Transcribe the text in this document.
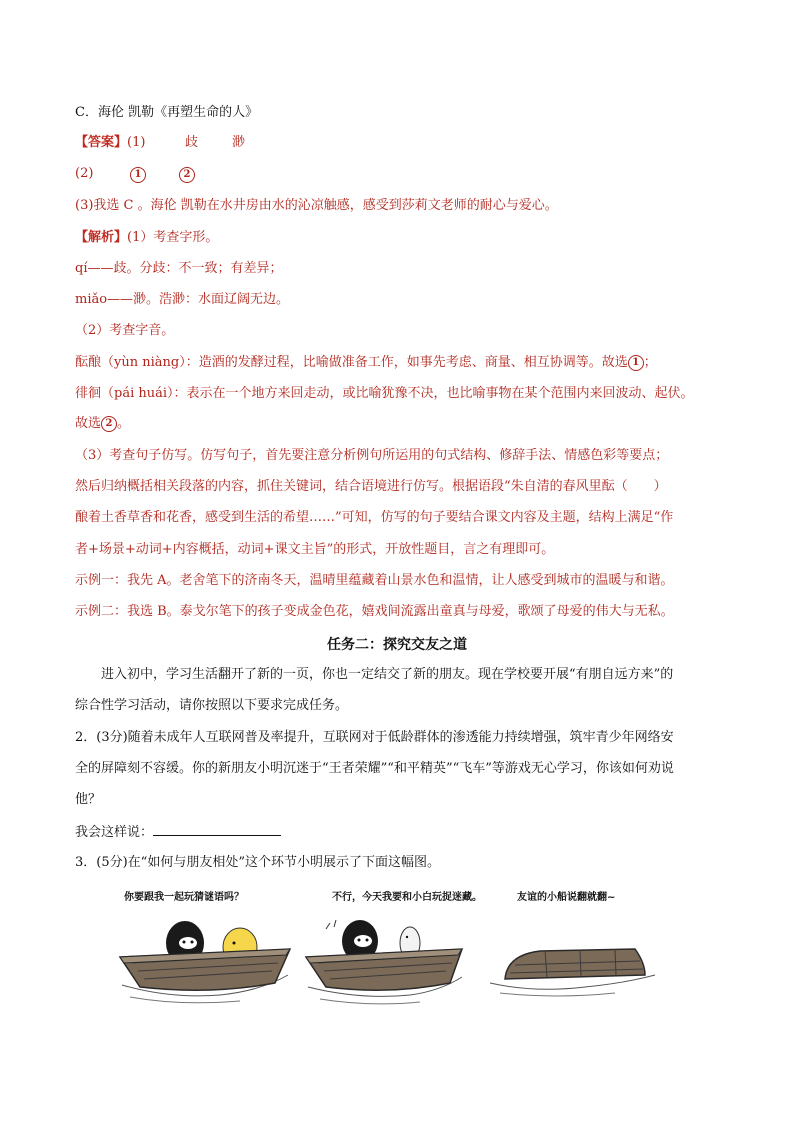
C．海伦 凯勒《再塑生命的人》
【答案】(1)	歧	渺
(2)	1	2
(3)我选 C 。海伦 凯勒在水井房由水的沁凉触感，感受到莎莉文老师的耐心与爱心。
【解析】(1）考查字形。
qí——歧。分歧：不一致；有差异；
miǎo——渺。浩渺：水面辽阔无边。
（2）考查字音。
酝酿（yùn niàng）：造酒的发酵过程，比喻做准备工作，如事先考虑、商量、相互协调等。故选 1 ；
徘徊（pái huái）：表示在一个地方来回走动，或比喻犹豫不决，也比喻事物在某个范围内来回波动、起伏。
故选 2 。
（3）考查句子仿写。仿写句子，首先要注意分析例句所运用的句式结构、修辞手法、情感色彩等要点；
然后归纳概括相关段落的内容，抓住关键词，结合语境进行仿写。根据语段“朱自清的春风里酝（　　）
酿着土香草香和花香，感受到生活的希望……”可知，仿写的句子要结合课文内容及主题，结构上满足“作
者+场景+动词+内容概括，动词+课文主旨”的形式，开放性题目，言之有理即可。
示例一：我先 A。老舍笔下的济南冬天，温晴里蕴藏着山景水色和温情，让人感受到城市的温暖与和谐。
示例二：我选 B。泰戈尔笔下的孩子变成金色花，嬉戏间流露出童真与母爱，歌颂了母爱的伟大与无私。
任务二：探究交友之道
　　进入初中，学习生活翻开了新的一页，你也一定结交了新的朋友。现在学校要开展“有朋自远方来”的
综合性学习活动，请你按照以下要求完成任务。
2．(3分)随着未成年人互联网普及率提升，互联网对于低龄群体的渗透能力持续增强，筑牢青少年网络安
全的屏障刻不容缓。你的新朋友小明沉迷于“王者荣耀”“和平精英”“飞车”等游戏无心学习，你该如何劝说
他？
我会这样说：
3．(5分)在“如何与朋友相处”这个环节小明展示了下面这幅图。
你要跟我一起玩猜谜语吗？	不行，今天我要和小白玩捉迷藏。	友谊的小船说翻就翻~
